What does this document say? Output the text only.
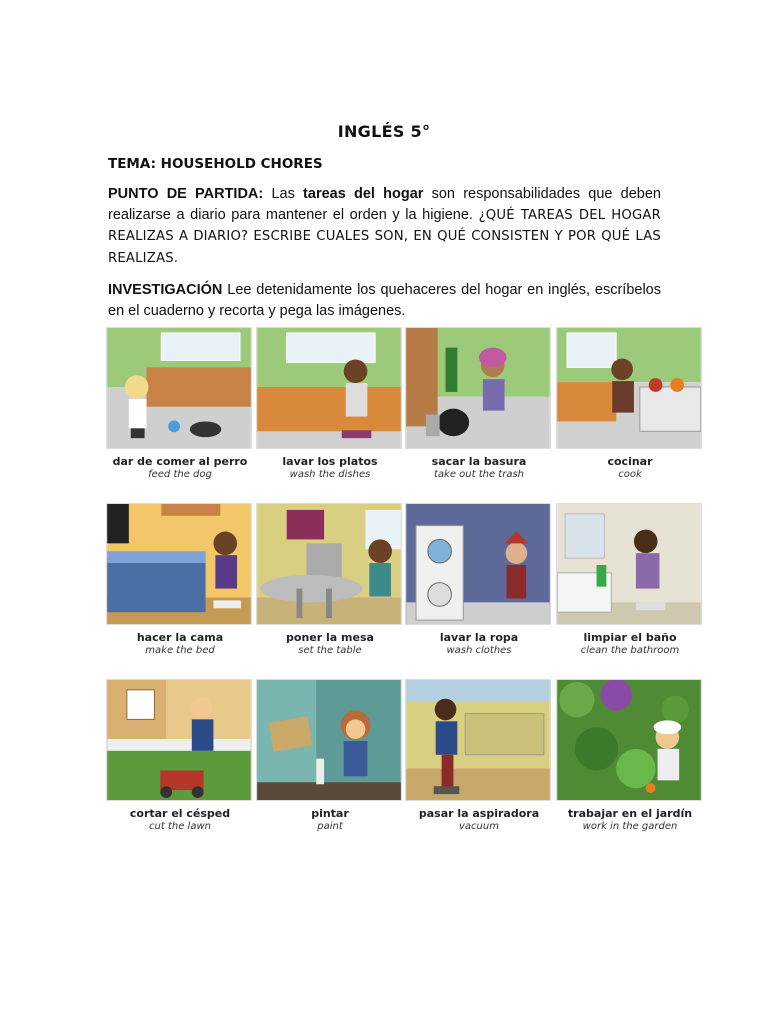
INGLÉS 5°
TEMA: HOUSEHOLD CHORES
PUNTO DE PARTIDA: Las tareas del hogar son responsabilidades que deben realizarse a diario para mantener el orden y la higiene. ¿QUÉ TAREAS DEL HOGAR REALIZAS A DIARIO? ESCRIBE CUALES SON, EN QUÉ CONSISTEN Y POR QUÉ LAS REALIZAS.
INVESTIGACIÓN Lee detenidamente los quehaceres del hogar en inglés, escríbelos en el cuaderno y recorta y pega las imágenes.
dar de comer al perro
feed the dog
lavar los platos
wash the dishes
sacar la basura
take out the trash
cocinar
cook
hacer la cama
make the bed
poner la mesa
set the table
lavar la ropa
wash clothes
limpiar el baño
clean the bathroom
cortar el césped
cut the lawn
pintar
paint
pasar la aspiradora
vacuum
trabajar en el jardín
work in the garden
